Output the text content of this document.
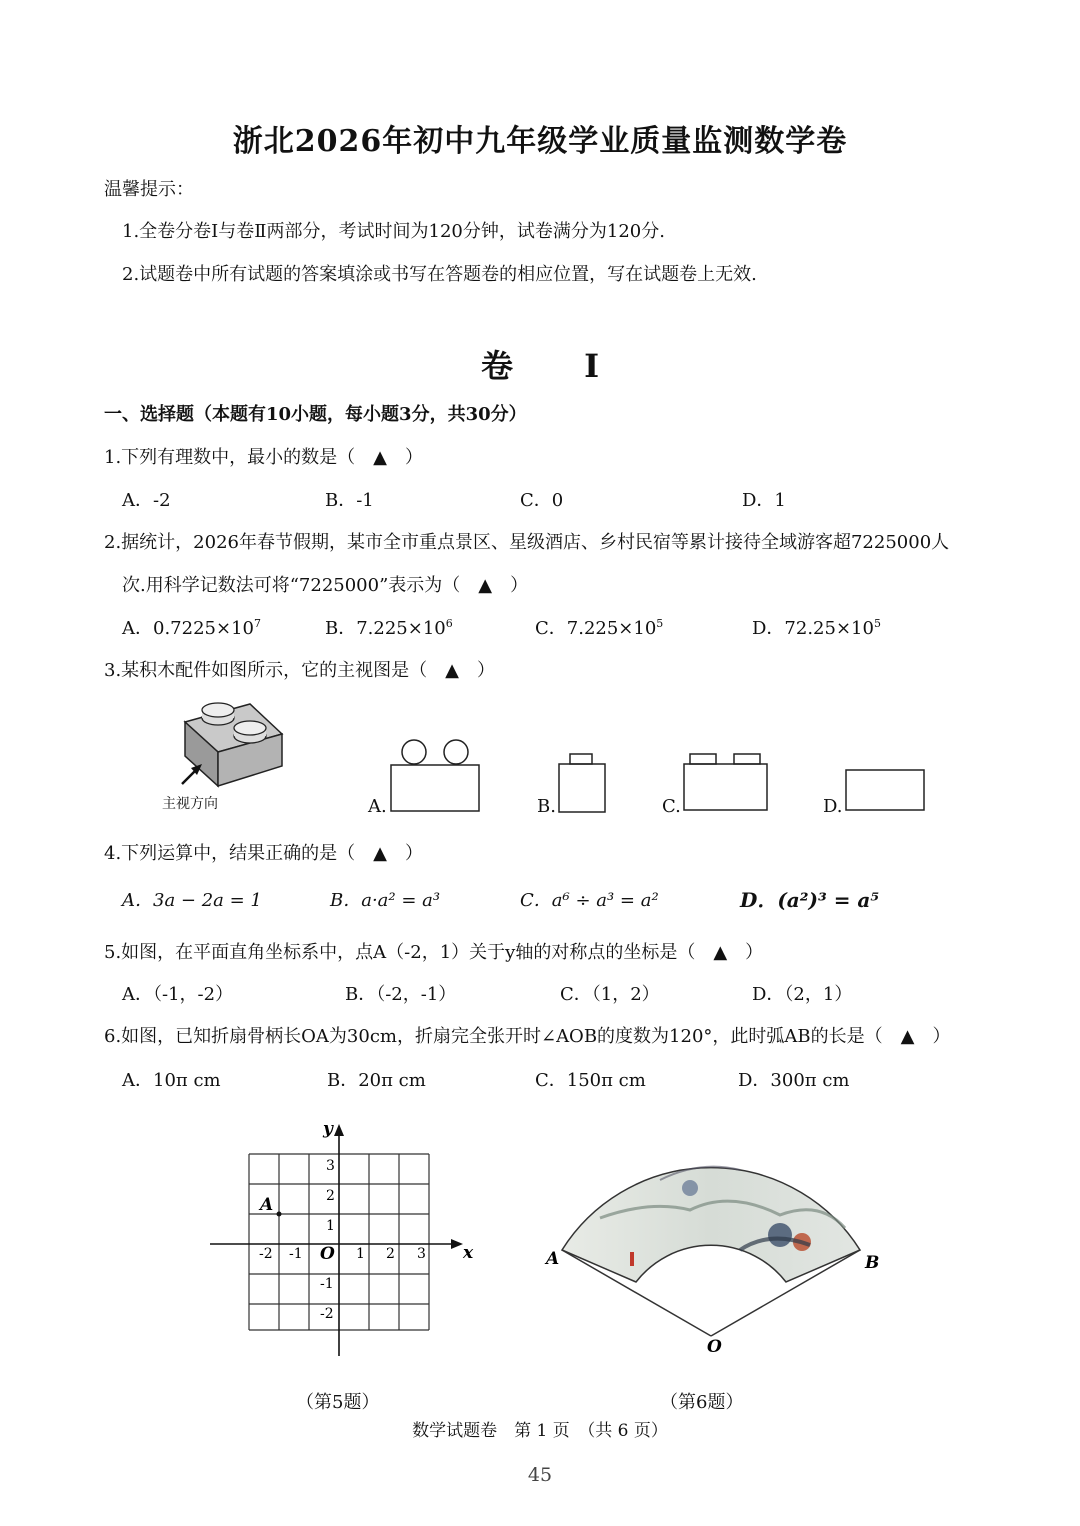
浙北2026年初中九年级学业质量监测数学卷
温馨提示：
1.全卷分卷Ⅰ与卷Ⅱ两部分，考试时间为120分钟，试卷满分为120分.
2.试题卷中所有试题的答案填涂或书写在答题卷的相应位置，写在试题卷上无效.
卷 Ⅰ
一、选择题（本题有10小题，每小题3分，共30分）
1.下列有理数中，最小的数是（　▲　）
A．-2	B．-1	C．0	D．1
2.据统计，2026年春节假期，某市全市重点景区、星级酒店、乡村民宿等累计接待全域游客超7225000人
次.用科学记数法可将“7225000”表示为（　▲　）
A．$0.7225\times 10^7$	B．$7.225\times 10^6$	C．$7.225\times 10^5$	D．$72.25\times 10^5$
3.某积木配件如图所示，它的主视图是（　▲　）
主视方向	A.	B.	C.	D.
4.下列运算中，结果正确的是（　▲　）
A．3a − 2a = 1	B．a·a² = a³	C．a⁶ ÷ a³ = a²	D．(a²)³ = a⁵
5.如图，在平面直角坐标系中，点A（-2，1）关于y轴的对称点的坐标是（　▲　）
A．（-1，-2）	B．（-2，-1）	C．（1，2）	D．（2，1）
6.如图，已知折扇骨柄长OA为30cm，折扇完全张开时∠AOB的度数为120°，此时弧AB的长是（　▲　）
A．10π cm	B．20π cm	C．150π cm	D．300π cm
x
y
O
A
-2 -1	1 2 3
3
2
1
-1
-2
A	B
O
（第5题）	（第6题）
数学试题卷　第 1 页　（共 6 页）
45
